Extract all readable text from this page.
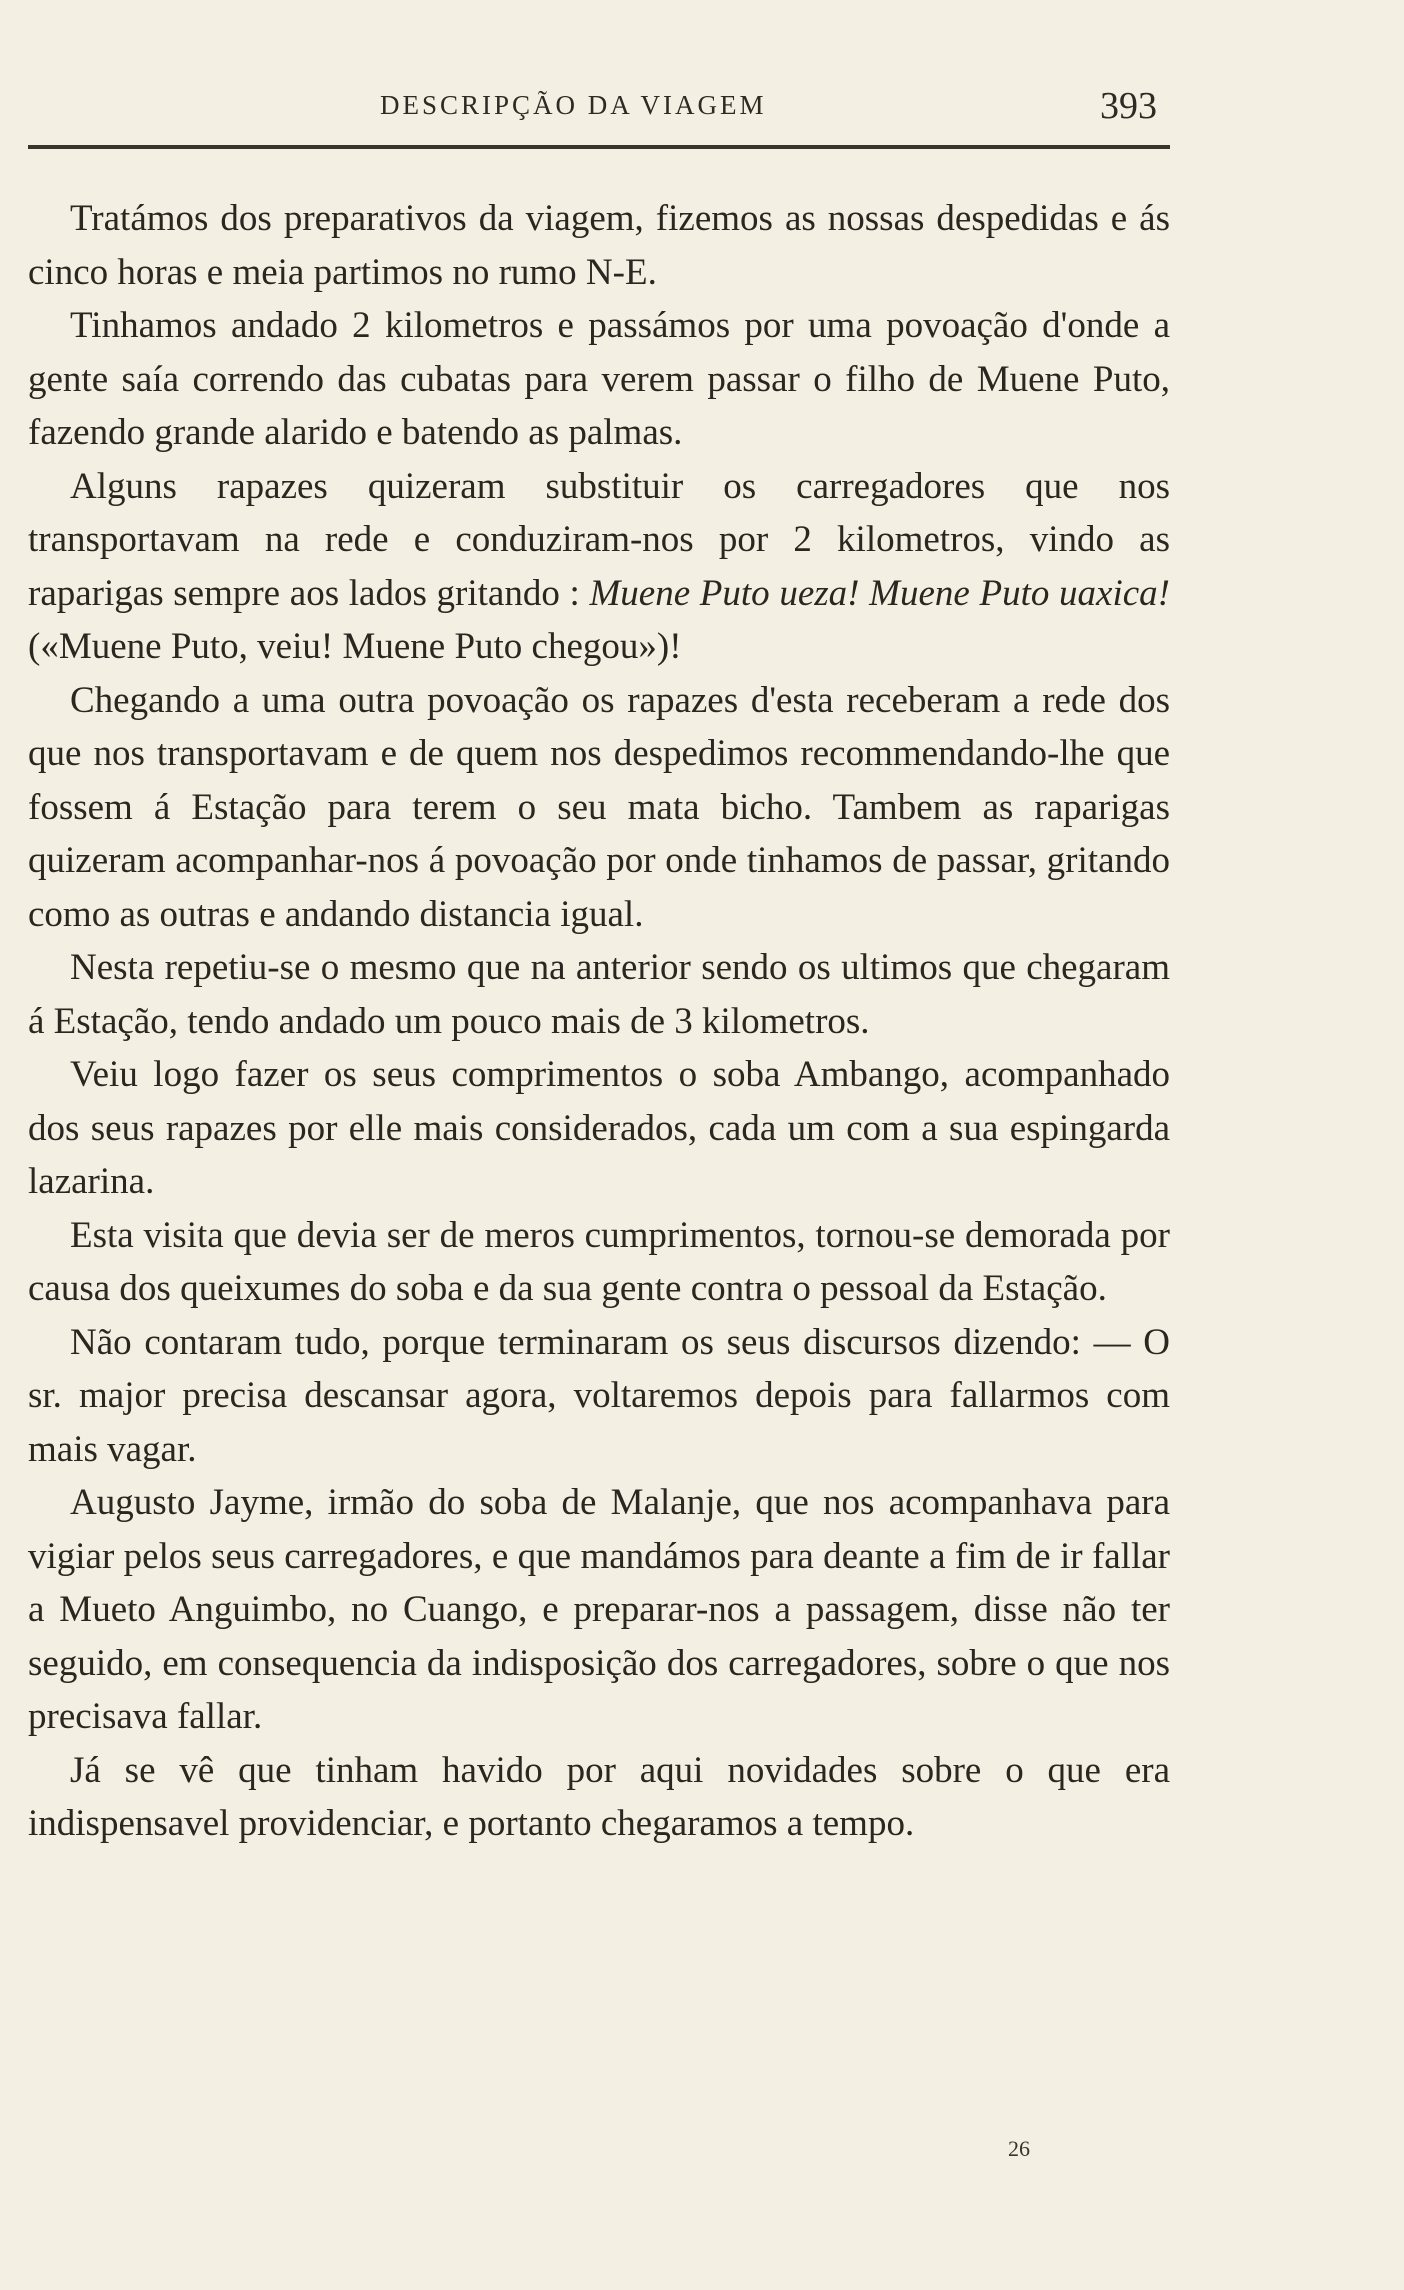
DESCRIPÇÃO DA VIAGEM	393

Tratámos dos preparativos da viagem, fizemos as nossas despedidas e ás cinco horas e meia partimos no rumo N-E.

Tinhamos andado 2 kilometros e passámos por uma povoação d'onde a gente saía correndo das cubatas para verem passar o filho de Muene Puto, fazendo grande alarido e batendo as palmas.

Alguns rapazes quizeram substituir os carregadores que nos transportavam na rede e conduziram-nos por 2 kilometros, vindo as raparigas sempre aos lados gritando : Muene Puto ueza! Muene Puto uaxica! («Muene Puto, veiu! Muene Puto chegou»)!

Chegando a uma outra povoação os rapazes d'esta receberam a rede dos que nos transportavam e de quem nos despedimos recommendando-lhe que fossem á Estação para terem o seu mata bicho. Tambem as raparigas quizeram acompanhar-nos á povoação por onde tinhamos de passar, gritando como as outras e andando distancia igual.

Nesta repetiu-se o mesmo que na anterior sendo os ultimos que chegaram á Estação, tendo andado um pouco mais de 3 kilometros.

Veiu logo fazer os seus comprimentos o soba Ambango, acompanhado dos seus rapazes por elle mais considerados, cada um com a sua espingarda lazarina.

Esta visita que devia ser de meros cumprimentos, tornou-se demorada por causa dos queixumes do soba e da sua gente contra o pessoal da Estação.

Não contaram tudo, porque terminaram os seus discursos dizendo: — O sr. major precisa descansar agora, voltaremos depois para fallarmos com mais vagar.

Augusto Jayme, irmão do soba de Malanje, que nos acompanhava para vigiar pelos seus carregadores, e que mandámos para deante a fim de ir fallar a Mueto Anguimbo, no Cuango, e preparar-nos a passagem, disse não ter seguido, em consequencia da indisposição dos carregadores, sobre o que nos precisava fallar.

Já se vê que tinham havido por aqui novidades sobre o que era indispensavel providenciar, e portanto chegaramos a tempo.

26
